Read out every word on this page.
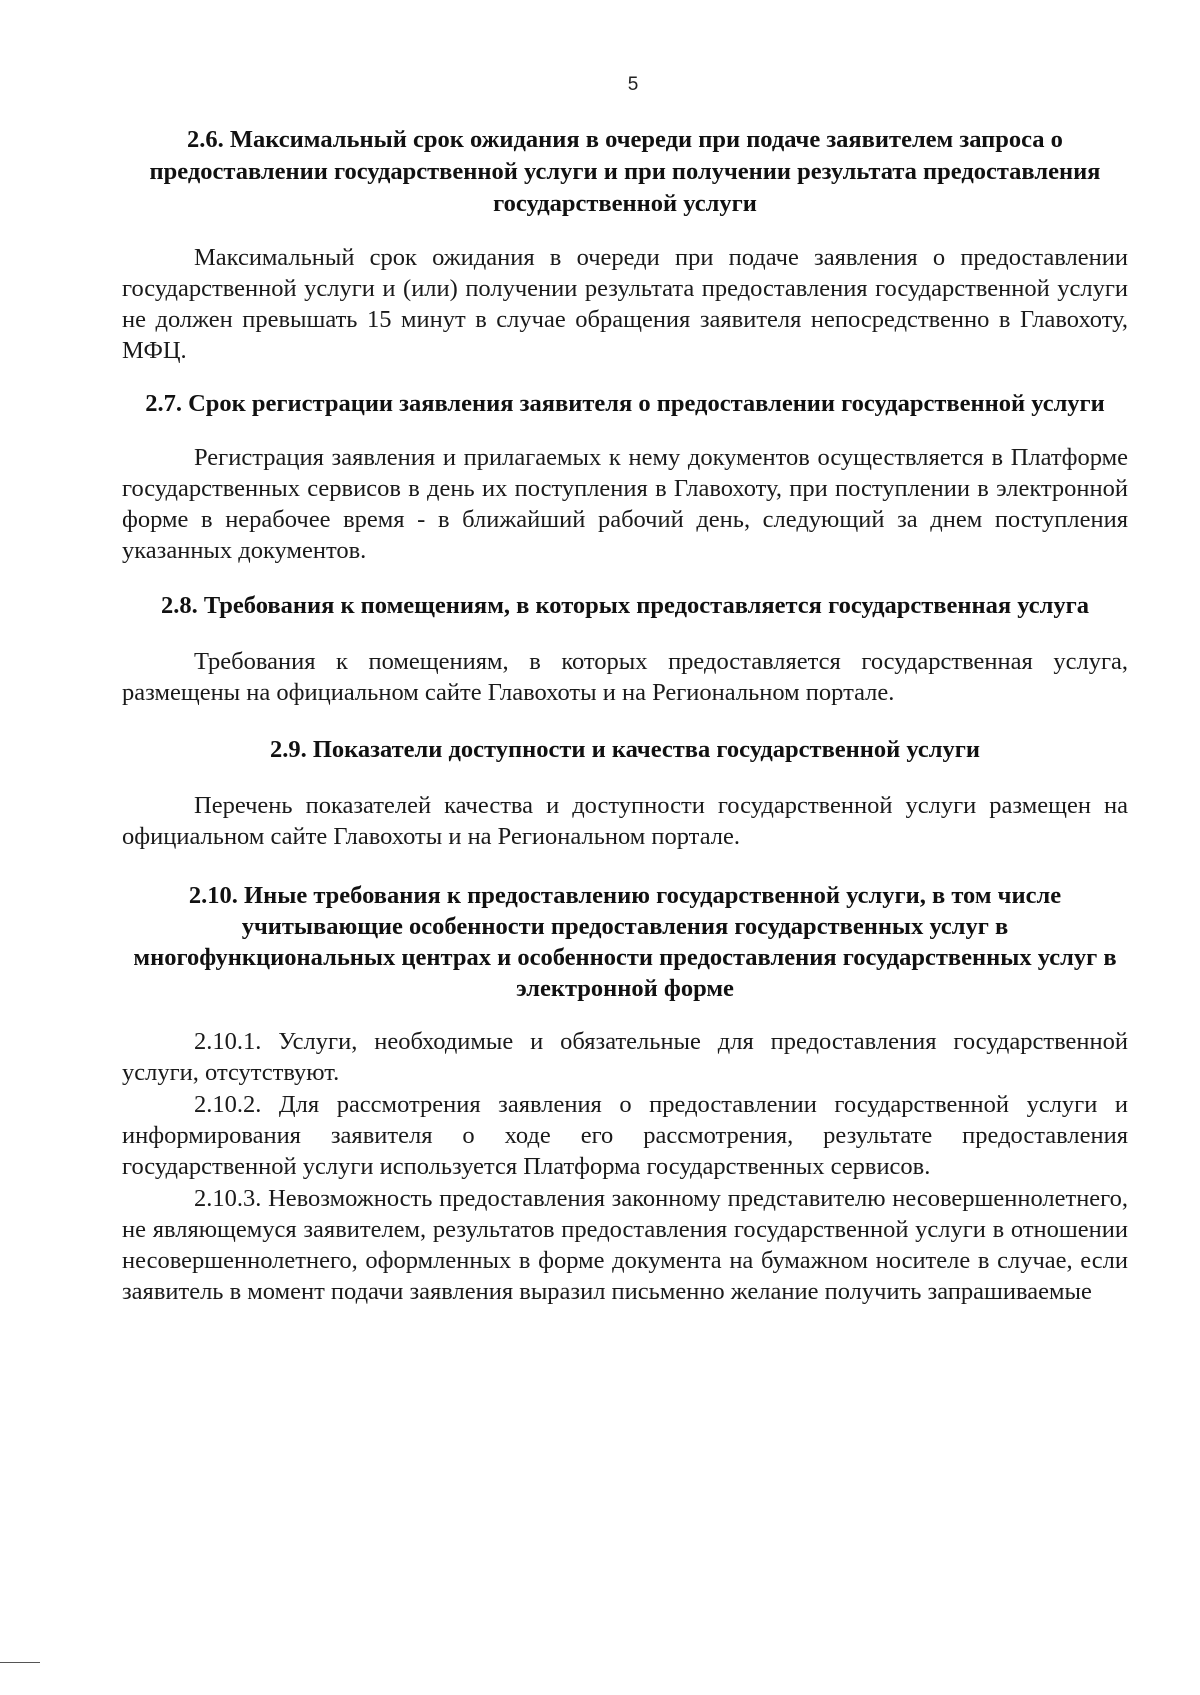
5

2.6. Максимальный срок ожидания в очереди при подаче заявителем запроса о предоставлении государственной услуги и при получении результата предоставления государственной услуги

Максимальный срок ожидания в очереди при подаче заявления о предоставлении государственной услуги и (или) получении результата предоставления государственной услуги не должен превышать 15 минут в случае обращения заявителя непосредственно в Главохоту, МФЦ.

2.7. Срок регистрации заявления заявителя о предоставлении государственной услуги

Регистрация заявления и прилагаемых к нему документов осуществляется в Платформе государственных сервисов в день их поступления в Главохоту, при поступлении в электронной форме в нерабочее время - в ближайший рабочий день, следующий за днем поступления указанных документов.

2.8. Требования к помещениям, в которых предоставляется государственная услуга

Требования к помещениям, в которых предоставляется государственная услуга, размещены на официальном сайте Главохоты и на Региональном портале.

2.9. Показатели доступности и качества государственной услуги

Перечень показателей качества и доступности государственной услуги размещен на официальном сайте Главохоты и на Региональном портале.

2.10. Иные требования к предоставлению государственной услуги, в том числе учитывающие особенности предоставления государственных услуг в многофункциональных центрах и особенности предоставления государственных услуг в электронной форме

2.10.1. Услуги, необходимые и обязательные для предоставления государственной услуги, отсутствуют.

2.10.2. Для рассмотрения заявления о предоставлении государственной услуги и информирования заявителя о ходе его рассмотрения, результате предоставления государственной услуги используется Платформа государственных сервисов.

2.10.3. Невозможность предоставления законному представителю несовершеннолетнего, не являющемуся заявителем, результатов предоставления государственной услуги в отношении несовершеннолетнего, оформленных в форме документа на бумажном носителе в случае, если заявитель в момент подачи заявления выразил письменно желание получить запрашиваемые
